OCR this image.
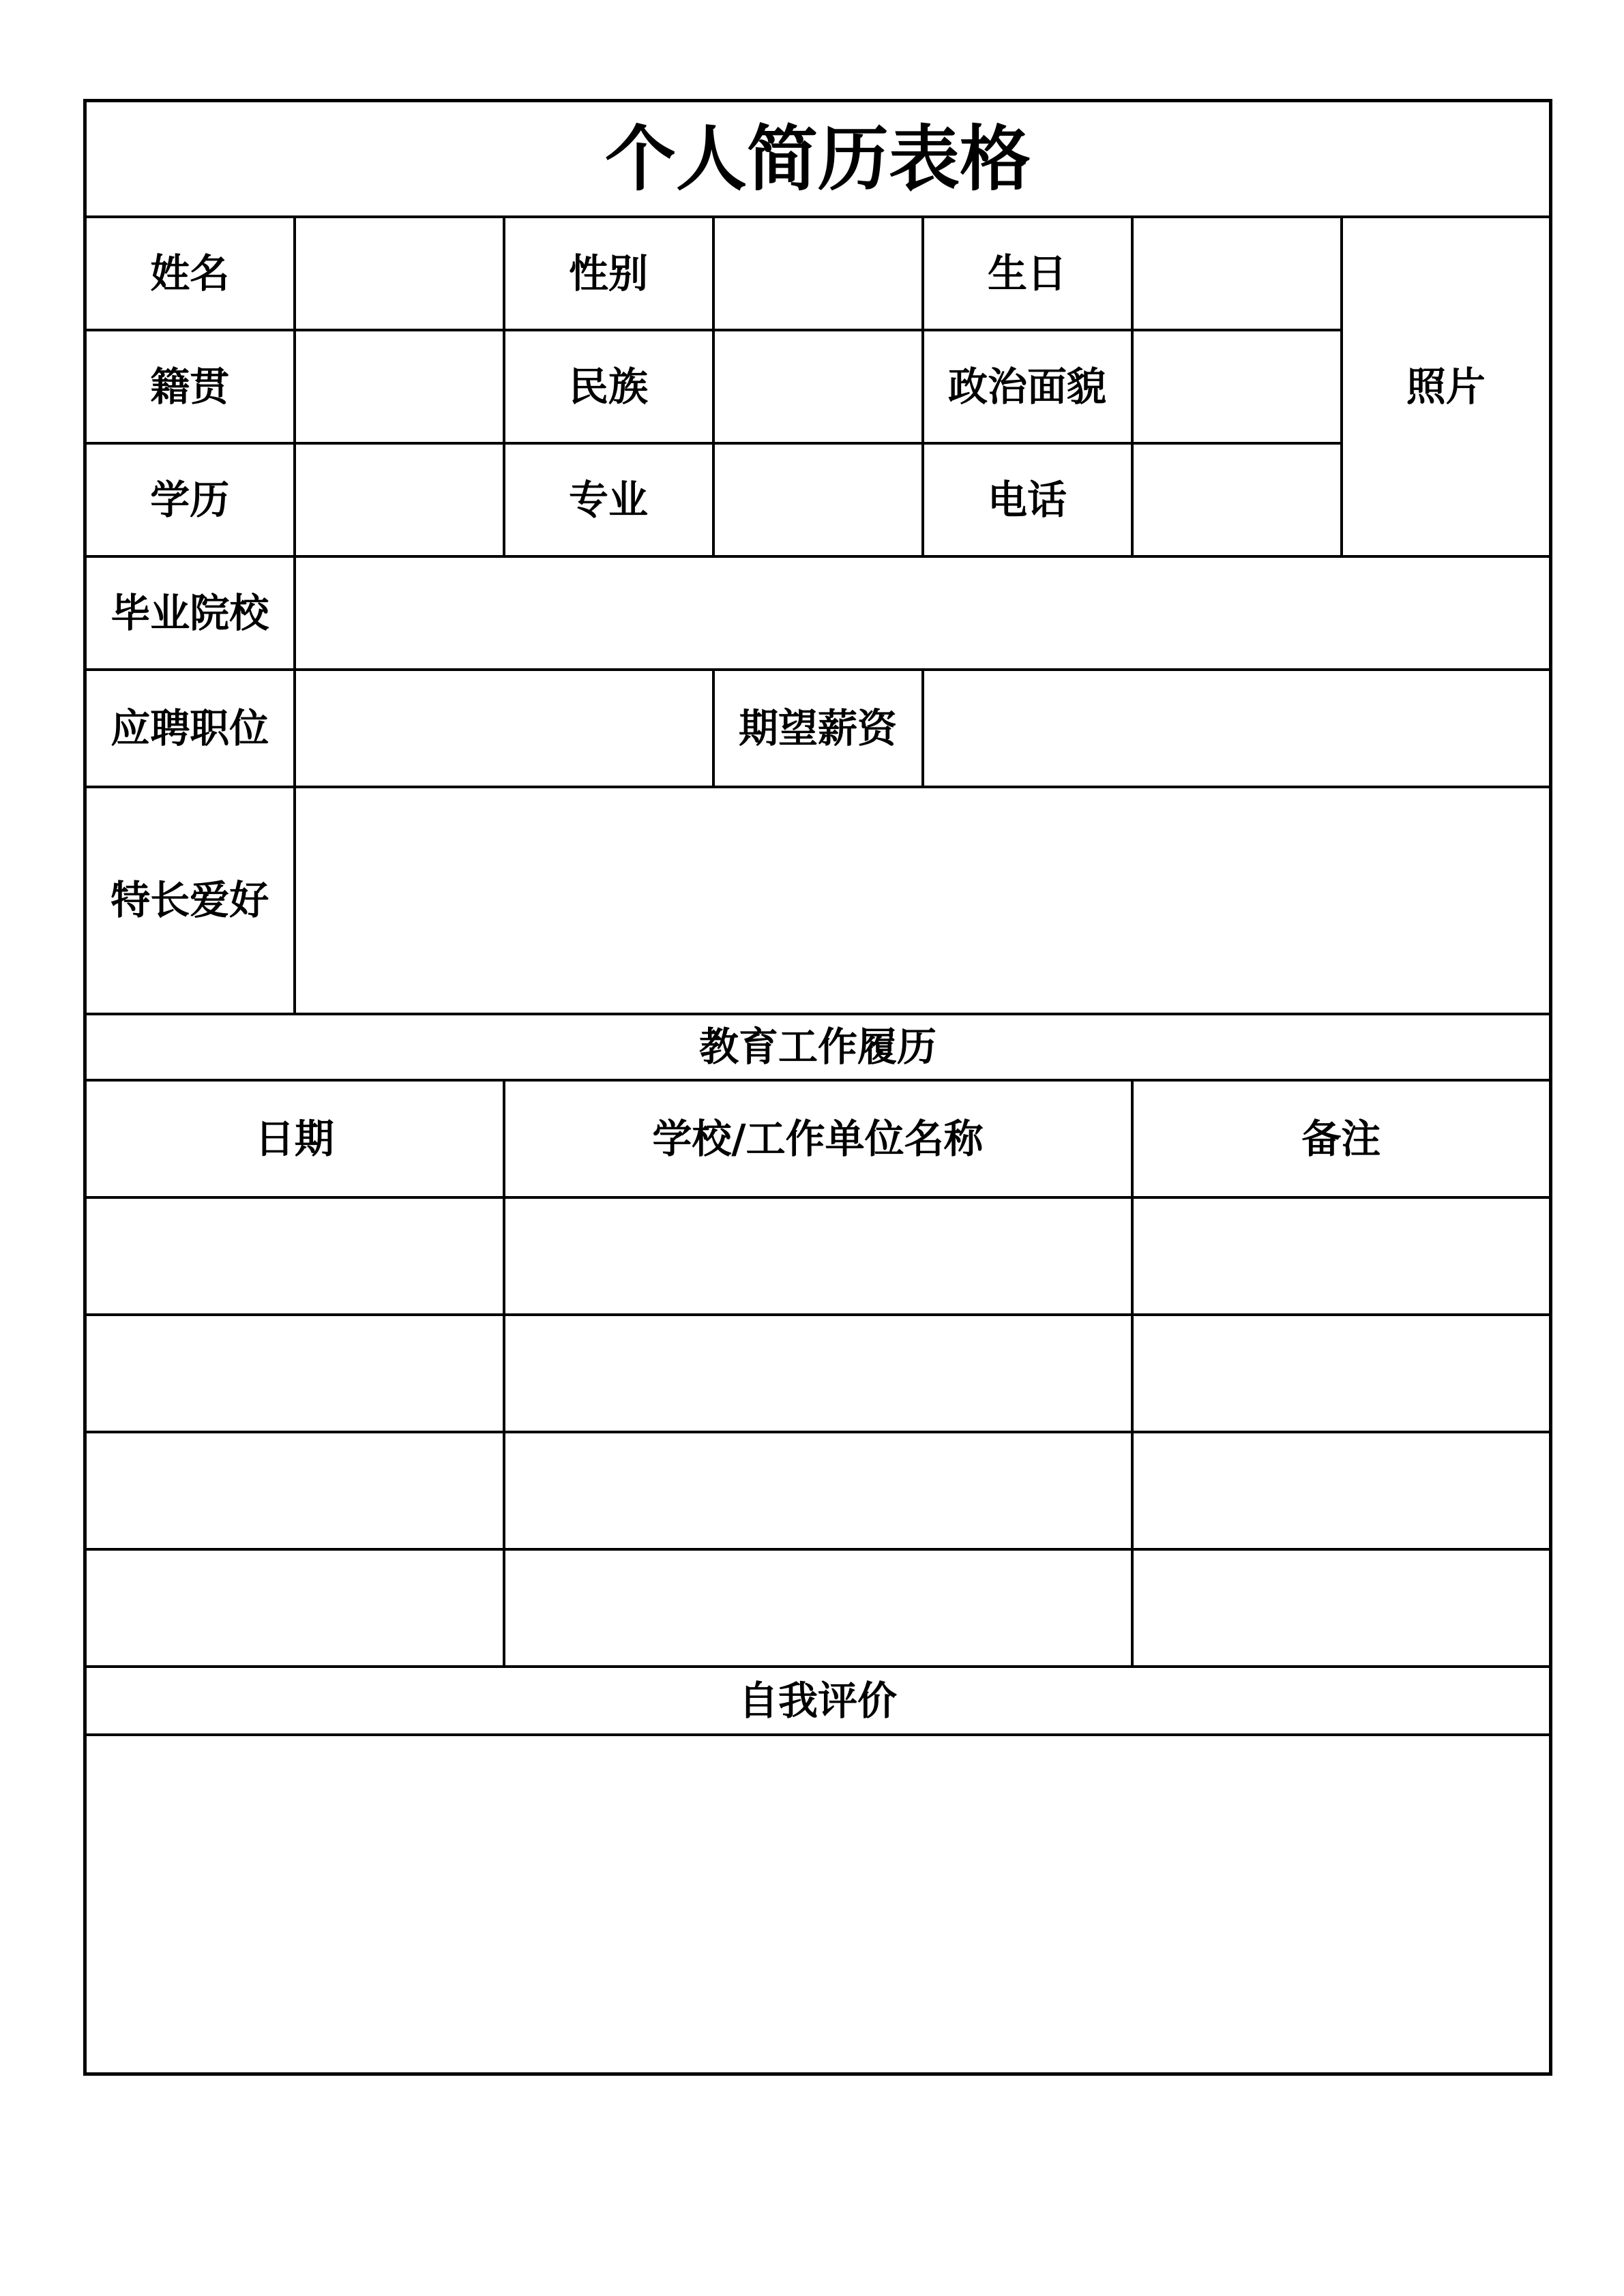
个人简历表格						
姓名		性别		生日		照片
籍贯		民族		政治面貌		
学历		专业		电话		
毕业院校						
应聘职位			期望薪资			
特长爱好						
教育工作履历						
日期		学校/工作单位名称			备注	

自我评价						
